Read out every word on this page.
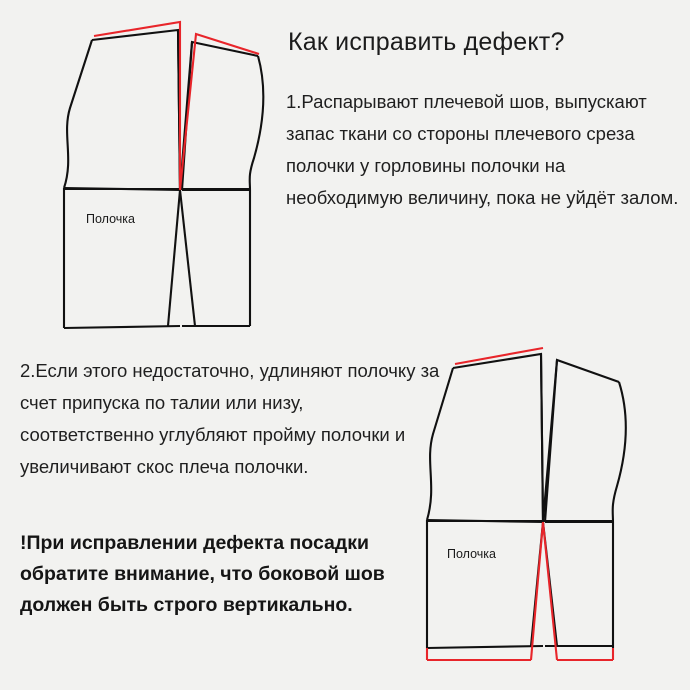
Полочка
Как исправить дефект?
1.Распарывают плечевой шов, выпускают запас ткани со стороны плечевого среза полочки у горловины полочки на необходимую величину, пока не уйдёт залом.
2.Если этого недостаточно, удлиняют полочку за счет припуска по талии или низу, соответственно углубляют пройму полочки и увеличивают скос плеча полочки.
!При исправлении дефекта посадки обратите внимание, что боковой шов должен быть строго вертикально.
Полочка
